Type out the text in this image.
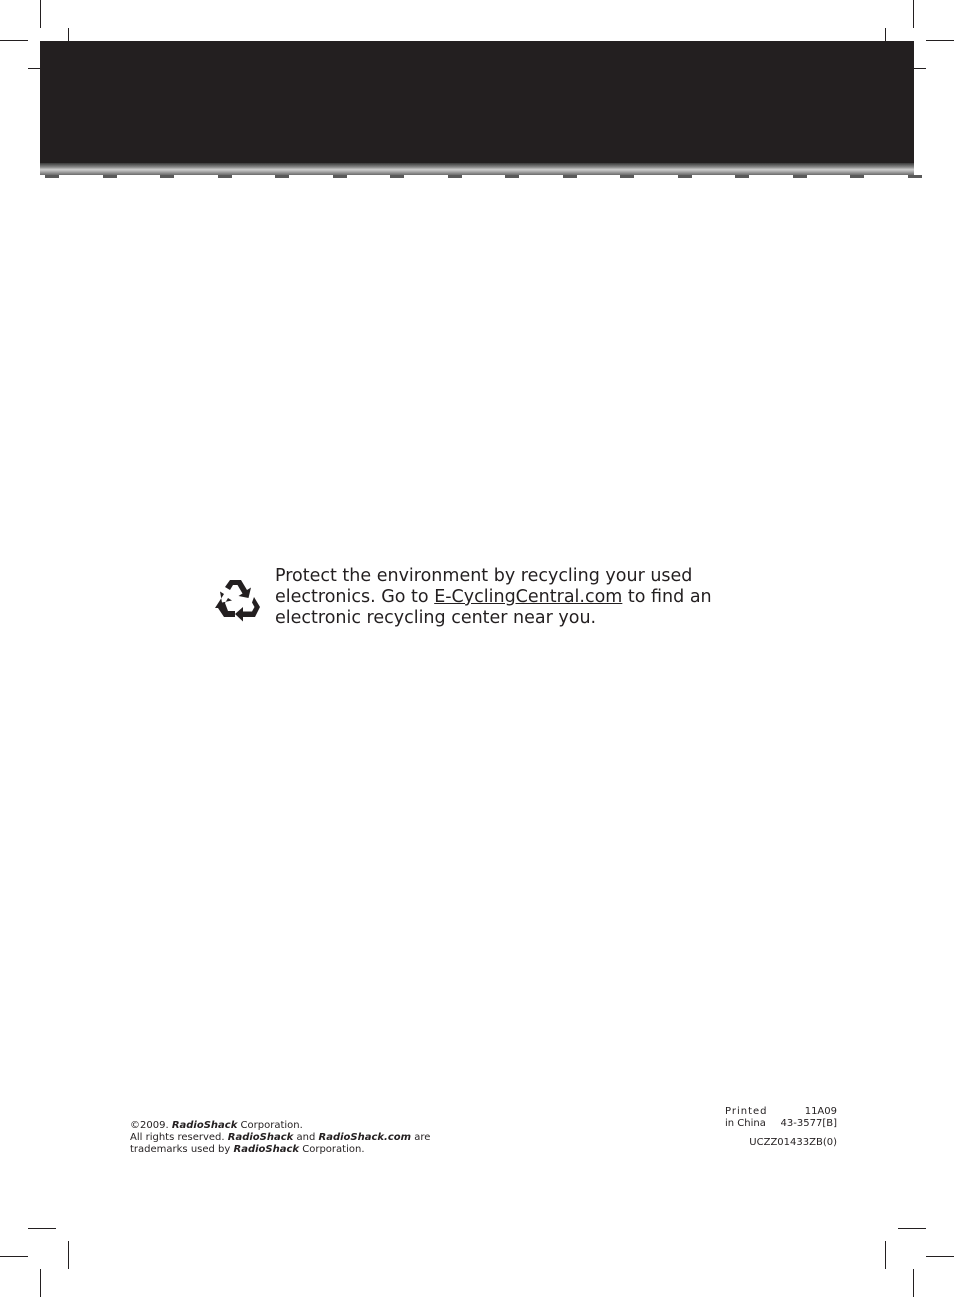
Protect the environment by recycling your used
electronics. Go to E-CyclingCentral.com to find an
electronic recycling center near you.
©2009. RadioShack Corporation.
All rights reserved. RadioShack and RadioShack.com are
trademarks used by RadioShack Corporation.
Printed	11A09
in China 43-3577[B]
UCZZ01433ZB(0)
